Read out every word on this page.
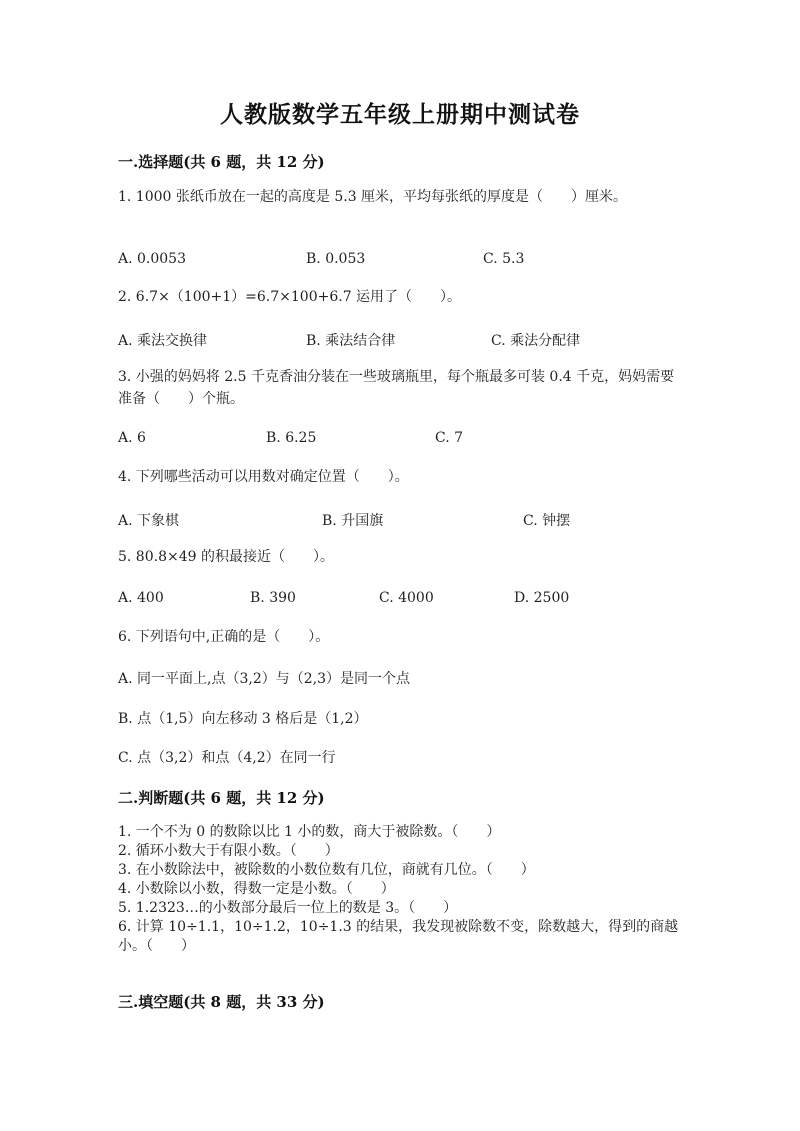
人教版数学五年级上册期中测试卷
一.选择题(共 6 题，共 12 分)
1. 1000 张纸币放在一起的高度是 5.3 厘米，平均每张纸的厚度是（　　）厘米。
A. 0.0053	B. 0.053	C. 5.3
2. 6.7×（100+1）=6.7×100+6.7 运用了（　　）。
A. 乘法交换律	B. 乘法结合律	C. 乘法分配律
3. 小强的妈妈将 2.5 千克香油分装在一些玻璃瓶里，每个瓶最多可装 0.4 千克，妈妈需要准备（　　）个瓶。
A. 6	B. 6.25	C. 7
4. 下列哪些活动可以用数对确定位置（　　）。
A. 下象棋	B. 升国旗	C. 钟摆
5. 80.8×49 的积最接近（　　）。
A. 400	B. 390	C. 4000	D. 2500
6. 下列语句中,正确的是（　　）。
A. 同一平面上,点（3,2）与（2,3）是同一个点
B. 点（1,5）向左移动 3 格后是（1,2）
C. 点（3,2）和点（4,2）在同一行
二.判断题(共 6 题，共 12 分)

1. 一个不为 0 的数除以比 1 小的数，商大于被除数。（　　）

2. 循环小数大于有限小数。（　　）

3. 在小数除法中，被除数的小数位数有几位，商就有几位。（　　）

4. 小数除以小数，得数一定是小数。（　　）

5. 1.2323…的小数部分最后一位上的数是 3。（　　）

6. 计算 10÷1.1，10÷1.2，10÷1.3 的结果，我发现被除数不变，除数越大，得到的商越小。（　　）

三.填空题(共 8 题，共 33 分)
